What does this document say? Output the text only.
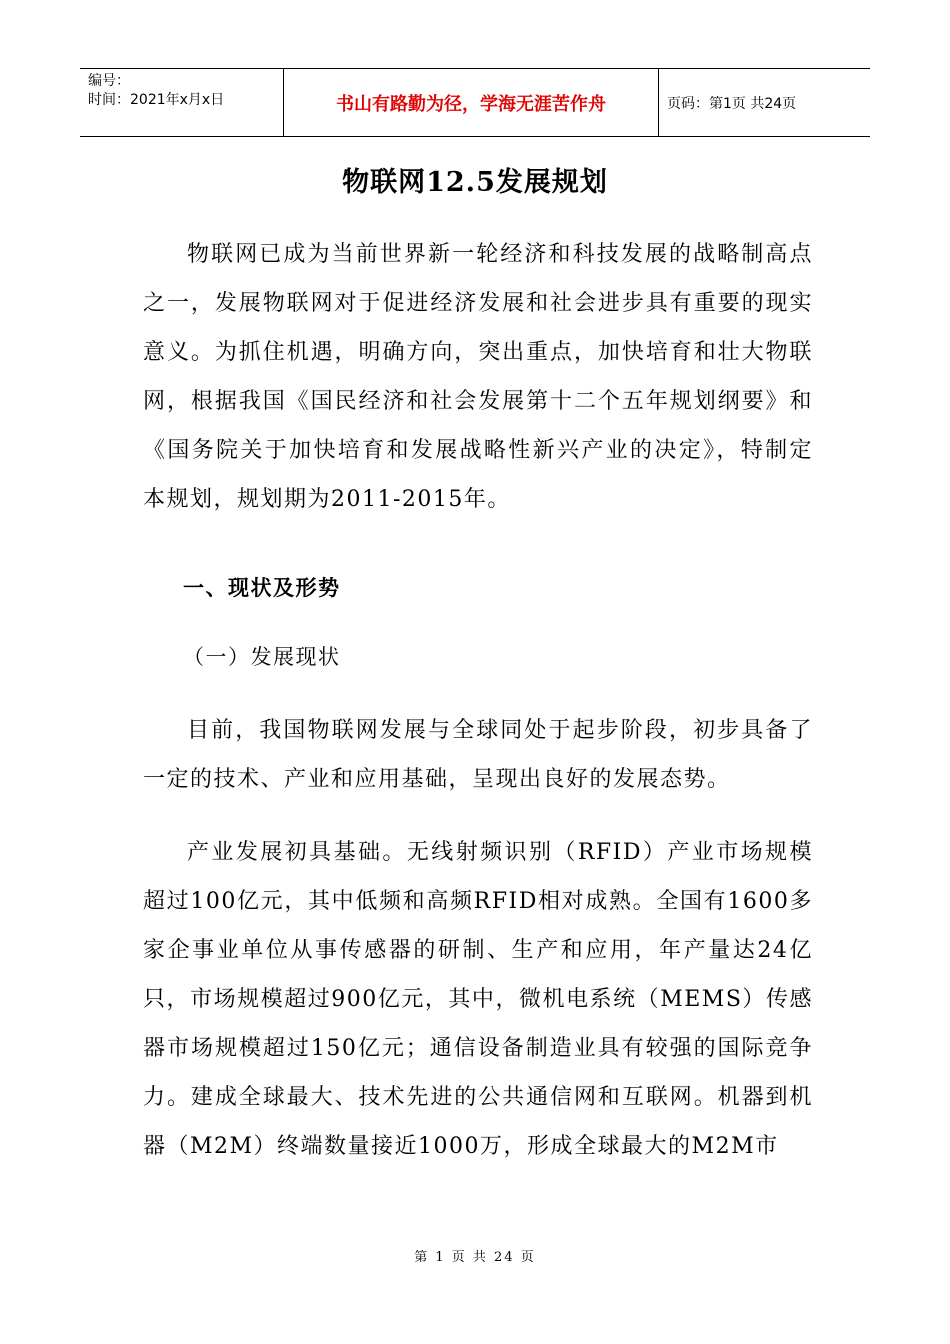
编号：
时间：2021年x月x日	书山有路勤为径，学海无涯苦作舟	页码：第1页 共24页
物联网12.5发展规划

物联网已成为当前世界新一轮经济和科技发展的战略制高点之一，发展物联网对于促进经济发展和社会进步具有重要的现实意义。为抓住机遇，明确方向，突出重点，加快培育和壮大物联网，根据我国《国民经济和社会发展第十二个五年规划纲要》和《国务院关于加快培育和发展战略性新兴产业的决定》，特制定本规划，规划期为2011-2015年。

一、现状及形势
（一）发展现状

目前，我国物联网发展与全球同处于起步阶段，初步具备了一定的技术、产业和应用基础，呈现出良好的发展态势。

产业发展初具基础。无线射频识别（RFID）产业市场规模超过100亿元，其中低频和高频RFID相对成熟。全国有1600多家企事业单位从事传感器的研制、生产和应用，年产量达24亿只，市场规模超过900亿元，其中，微机电系统（MEMS）传感器市场规模超过150亿元；通信设备制造业具有较强的国际竞争力。建成全球最大、技术先进的公共通信网和互联网。机器到机器（M2M）终端数量接近1000万，形成全球最大的M2M市

第 1 页 共 24 页
